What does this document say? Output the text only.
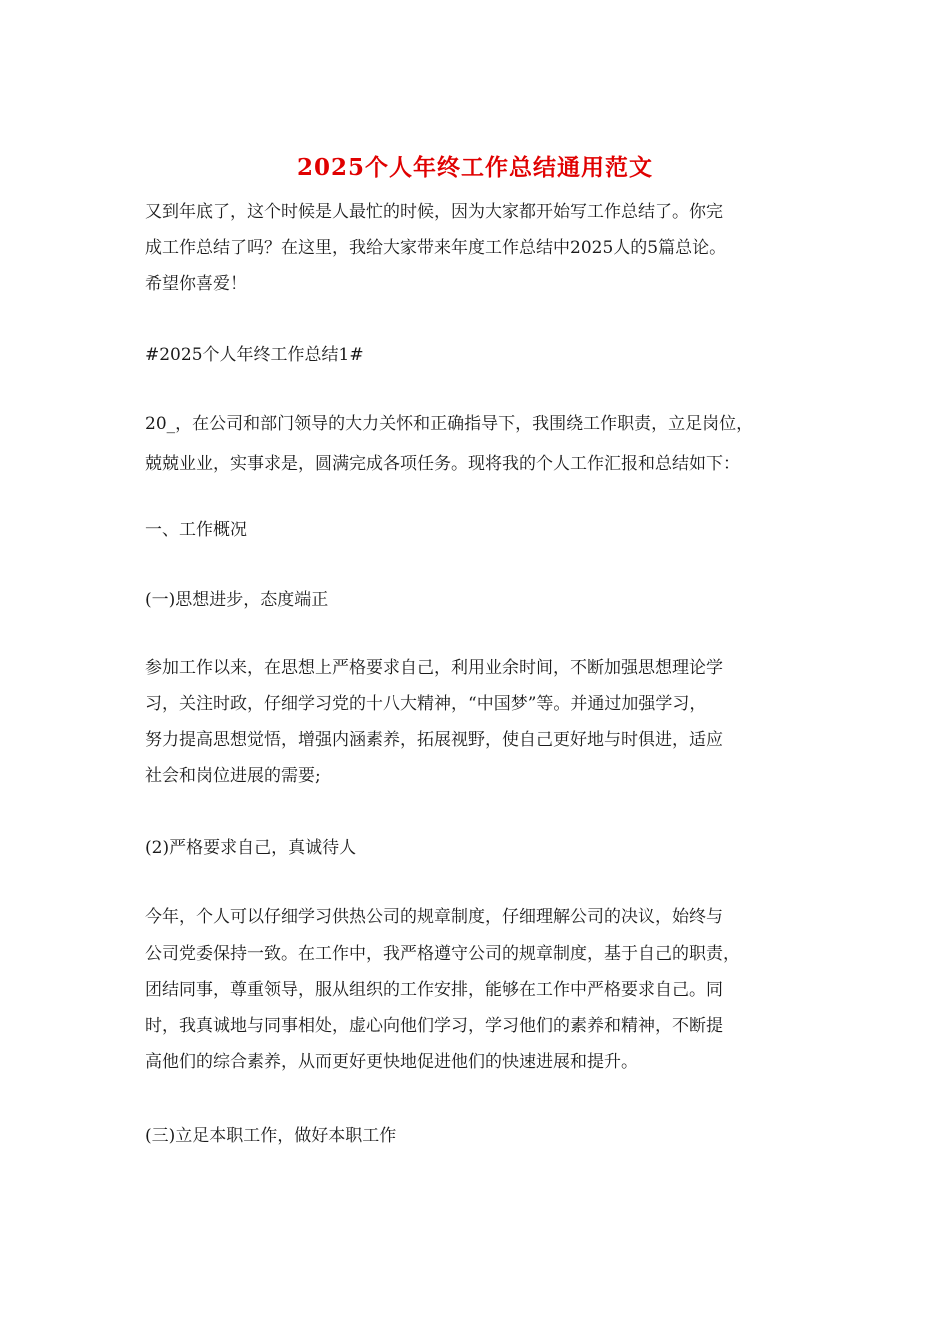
2025个人年终工作总结通用范文
又到年底了，这个时候是人最忙的时候，因为大家都开始写工作总结了。你完
成工作总结了吗？在这里，我给大家带来年度工作总结中2025人的5篇总论。
希望你喜爱！
#2025个人年终工作总结1#
20_，在公司和部门领导的大力关怀和正确指导下，我围绕工作职责，立足岗位，
兢兢业业，实事求是，圆满完成各项任务。现将我的个人工作汇报和总结如下：
一、工作概况
(一)思想进步，态度端正
参加工作以来，在思想上严格要求自己，利用业余时间，不断加强思想理论学
习，关注时政，仔细学习党的十八大精神，“中国梦”等。并通过加强学习，
努力提高思想觉悟，增强内涵素养，拓展视野，使自己更好地与时俱进，适应
社会和岗位进展的需要;
(2)严格要求自己，真诚待人
今年，个人可以仔细学习供热公司的规章制度，仔细理解公司的决议，始终与
公司党委保持一致。在工作中，我严格遵守公司的规章制度，基于自己的职责，
团结同事，尊重领导，服从组织的工作安排，能够在工作中严格要求自己。同
时，我真诚地与同事相处，虚心向他们学习，学习他们的素养和精神，不断提
高他们的综合素养，从而更好更快地促进他们的快速进展和提升。
(三)立足本职工作，做好本职工作
